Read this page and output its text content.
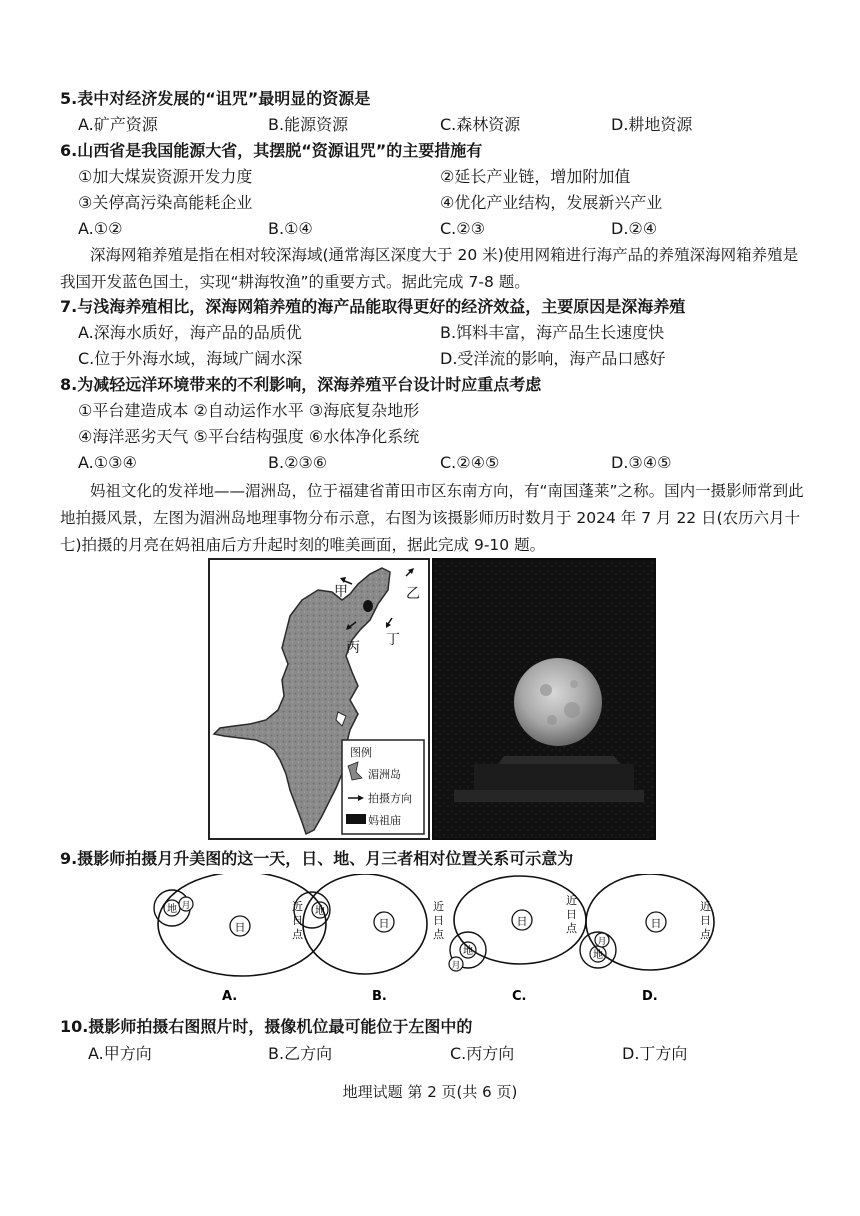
5.表中对经济发展的“诅咒”最明显的资源是
A.矿产资源	B.能源资源	C.森林资源	D.耕地资源
6.山西省是我国能源大省，其摆脱“资源诅咒”的主要措施有
①加大煤炭资源开发力度	②延长产业链，增加附加值
③关停高污染高能耗企业	④优化产业结构，发展新兴产业
A.①②	B.①④	C.②③	D.②④
深海网箱养殖是指在相对较深海域(通常海区深度大于 20 米)使用网箱进行海产品的养殖深海网箱养殖是我国开发蓝色国土，实现“耕海牧渔”的重要方式。据此完成 7-8 题。
7.与浅海养殖相比，深海网箱养殖的海产品能取得更好的经济效益，主要原因是深海养殖
A.深海水质好，海产品的品质优	B.饵料丰富，海产品生长速度快
C.位于外海水域，海域广阔水深	D.受洋流的影响，海产品口感好
8.为减轻远洋环境带来的不利影响，深海养殖平台设计时应重点考虑
①平台建造成本 ②自动运作水平 ③海底复杂地形
④海洋恶劣天气 ⑤平台结构强度 ⑥水体净化系统
A.①③④	B.②③⑥	C.②④⑤	D.③④⑤
妈祖文化的发祥地——湄洲岛，位于福建省莆田市区东南方向，有“南国蓬莱”之称。国内一摄影师常到此地拍摄风景，左图为湄洲岛地理事物分布示意，右图为该摄影师历时数月于 2024 年 7 月 22 日(农历六月十七)拍摄的月亮在妈祖庙后方升起时刻的唯美画面，据此完成 9-10 题。
甲	乙
丙 丁
图例
湄洲岛
拍摄方向
妈祖庙
9.摄影师拍摄月升美图的这一天，日、地、月三者相对位置关系可示意为
日
地 月	近
日
点
A.
日
地	近
日
点
B.
日
地
月
近
日
点
C.
日
地
月
近
日
点
D.
10.摄影师拍摄右图照片时，摄像机位最可能位于左图中的
A.甲方向	B.乙方向	C.丙方向	D.丁方向
地理试题 第 2 页(共 6 页)
